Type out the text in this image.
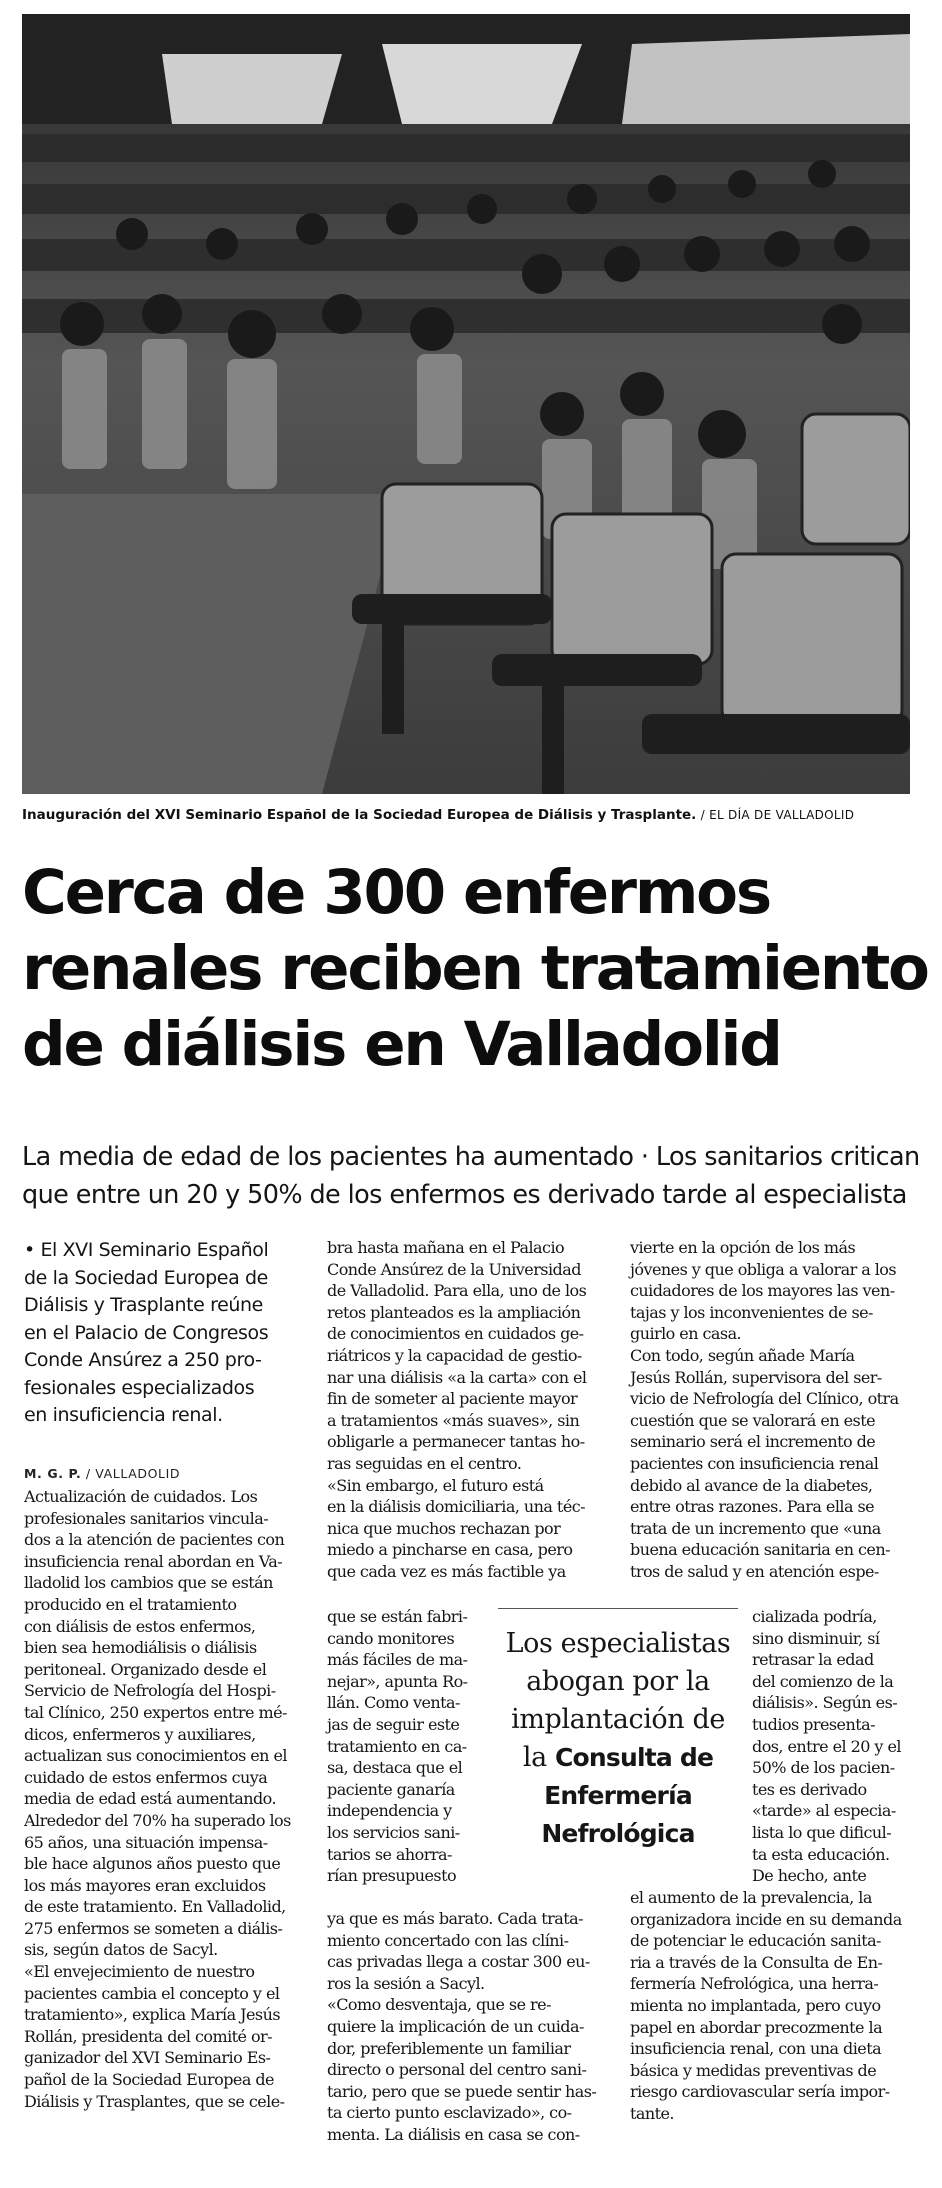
Inauguración del XVI Seminario Español de la Sociedad Europea de Diálisis y Trasplante. / EL DÍA DE VALLADOLID
Cerca de 300 enfermos
renales reciben tratamiento
de diálisis en Valladolid
La media de edad de los pacientes ha aumentado · Los sanitarios critican
que entre un 20 y 50% de los enfermos es derivado tarde al especialista
• El XVI Seminario Español
de la Sociedad Europea de
Diálisis y Trasplante reúne
en el Palacio de Congresos
Conde Ansúrez a 250 pro-
fesionales especializados
en insuficiencia renal.
M. G. P. / VALLADOLID
Actualización de cuidados. Los
profesionales sanitarios vincula-
dos a la atención de pacientes con
insuficiencia renal abordan en Va-
lladolid los cambios que se están
producido en el tratamiento
con diálisis de estos enfermos,
bien sea hemodiálisis o diálisis
peritoneal. Organizado desde el
Servicio de Nefrología del Hospi-
tal Clínico, 250 expertos entre mé-
dicos, enfermeros y auxiliares,
actualizan sus conocimientos en el
cuidado de estos enfermos cuya
media de edad está aumentando.
Alrededor del 70% ha superado los
65 años, una situación impensa-
ble hace algunos años puesto que
los más mayores eran excluidos
de este tratamiento. En Valladolid,
275 enfermos se someten a diális-
sis, según datos de Sacyl.
«El envejecimiento de nuestro
pacientes cambia el concepto y el
tratamiento», explica María Jesús
Rollán, presidenta del comité or-
ganizador del XVI Seminario Es-
pañol de la Sociedad Europea de
Diálisis y Trasplantes, que se cele-
bra hasta mañana en el Palacio
Conde Ansúrez de la Universidad
de Valladolid. Para ella, uno de los
retos planteados es la ampliación
de conocimientos en cuidados ge-
riátricos y la capacidad de gestio-
nar una diálisis «a la carta» con el
fin de someter al paciente mayor
a tratamientos «más suaves», sin
obligarle a permanecer tantas ho-
ras seguidas en el centro.
«Sin embargo, el futuro está
en la diálisis domiciliaria, una téc-
nica que muchos rechazan por
miedo a pincharse en casa, pero
que cada vez es más factible ya
que se están fabri-
cando monitores
más fáciles de ma-
nejar», apunta Ro-
llán. Como venta-
jas de seguir este
tratamiento en ca-
sa, destaca que el
paciente ganaría
independencia y
los servicios sani-
tarios se ahorra-
rían presupuesto
ya que es más barato. Cada trata-
miento concertado con las clíni-
cas privadas llega a costar 300 eu-
ros la sesión a Sacyl.
«Como desventaja, que se re-
quiere la implicación de un cuida-
dor, preferiblemente un familiar
directo o personal del centro sani-
tario, pero que se puede sentir has-
ta cierto punto esclavizado», co-
menta. La diálisis en casa se con-
vierte en la opción de los más
jóvenes y que obliga a valorar a los
cuidadores de los mayores las ven-
tajas y los inconvenientes de se-
guirlo en casa.
Con todo, según añade María
Jesús Rollán, supervisora del ser-
vicio de Nefrología del Clínico, otra
cuestión que se valorará en este
seminario será el incremento de
pacientes con insuficiencia renal
debido al avance de la diabetes,
entre otras razones. Para ella se
trata de un incremento que «una
buena educación sanitaria en cen-
tros de salud y en atención espe-
cializada podría,
sino disminuir, sí
retrasar la edad
del comienzo de la
diálisis». Según es-
tudios presenta-
dos, entre el 20 y el
50% de los pacien-
tes es derivado
«tarde» al especia-
lista lo que dificul-
ta esta educación.
De hecho, ante
el aumento de la prevalencia, la
organizadora incide en su demanda
de potenciar le educación sanita-
ria a través de la Consulta de En-
fermería Nefrológica, una herra-
mienta no implantada, pero cuyo
papel en abordar precozmente la
insuficiencia renal, con una dieta
básica y medidas preventivas de
riesgo cardiovascular sería impor-
tante.
Los especialistas
abogan por la
implantación de
la Consulta de
Enfermería
Nefrológica
